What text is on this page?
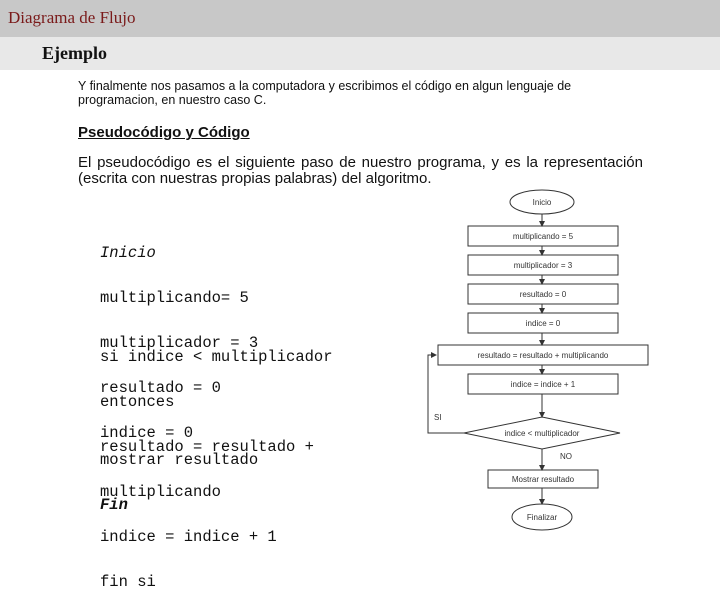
Diagrama de Flujo
Ejemplo
Y finalmente nos pasamos a la computadora y escribimos el código en algun lenguaje de programacion, en nuestro caso C.
Pseudocódigo y Código
El pseudocódigo es el siguiente paso de nuestro programa, y es la representación (escrita con nuestras propias palabras) del algoritmo.

Inicio

multiplicando= 5

multiplicador = 3

resultado = 0

indice = 0

si indice < multiplicador

entonces

resultado = resultado +

multiplicando

indice = indice + 1

fin si

mostrar resultado

Fin

Inicio
multiplicando = 5
multiplicador = 3
resultado = 0
indice = 0
resultado = resultado + multiplicando
indice = indice + 1
indice < multiplicador
SI
NO
Mostrar resultado
Finalizar
